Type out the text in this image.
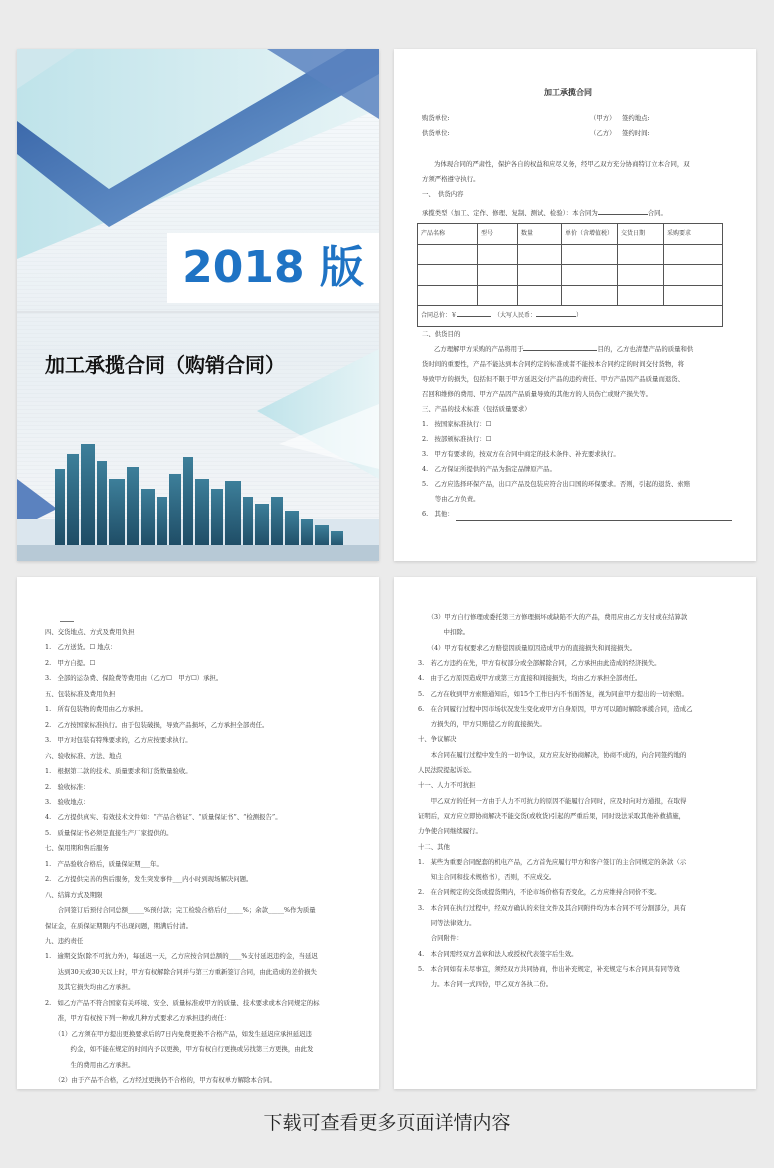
2018 版
加工承揽合同（购销合同）
加工承揽合同
购货单位:	（甲方） 签约地点:
供货单位:	（乙方） 签约时间:
为体现合同的严肃性，保护各自的权益和应尽义务，经甲乙双方充分协商特订立本合同，双
方须严格遵守执行。
一、　供货内容
承揽类型（加工、定作、修理、复制、测试、检验）：本合同为	合同。
产品名称	型号	数量	单价（含增值税）	交货日期	采购要求

合同总价：￥　 （大写人民币： ）					
二、供货目的
乙方理解甲方采购的产品将用于	目的，乙方也清楚产品的质量和供
货时间的重要性，产品不能达到本合同约定的标准或者不能按本合同约定的时间交付货物，将
导致甲方的损失，包括但不限于甲方延迟交付产品的违约责任、甲方产品因产品质量而退货、
召回和维修的费用、甲方产品因产品质量导致的其他方的人员伤亡或财产损失等。
三、产品的技术标准（包括质量要求）
1.　按国家标准执行：☐
2.　按部颁标准执行：☐
3.　甲方有要求的，按双方在合同中商定的技术条件、补充要求执行。
4.　乙方保证所提供的产品为指定品牌原产品。
5.　乙方应选择环保产品，出口产品及包装应符合出口国的环保要求。否则，引起的退货、索赔
　　等由乙方负责。
6.　其他：
四、交货地点、方式及费用负担
1.　乙方送货。☐ 地点：
2.　甲方自提。☐
3.　全部的运杂费、保险费等费用由（乙方☐　甲方☐）承担。
五、包装标准及费用负担
1.　所有包装物的费用由乙方承担。
2.　乙方按国家标准执行。由于包装破损，导致产品损坏，乙方承担全部责任。
3.　甲方对包装有特殊要求的，乙方应按要求执行。
六、验收标准、方法、地点
1.　根据第二款的技术、质量要求和订货数量验收。
2.　验收标准：
3.　验收地点：
4.　乙方提供真实、有效技术文件如：“产品合格证”、“质量保证书”、“检测报告”。
5.　质量保证书必须是直接生产厂家提供的。
七、保用期和售后服务
1.　产品验收合格后，质量保证期___年。
2.　乙方提供完善的售后服务，发生突发事件___内小时到现场解决问题。
八、结算方式及期限
　　合同签订后预付合同总额_____%预付款；完工检验合格后付_____%；余款_____%作为质量
保证金，在质保证期限内不出现问题，期满后付清。
九、违约责任
1.　逾期交货(除不可抗力外)，每延迟一天，乙方应按合同总额的____%支付延迟违约金，当延迟
　　达到30天或30天以上时，甲方有权解除合同并与第三方重新签订合同，由此造成的差价损失
　　及其它损失均由乙方承担。
2.　如乙方产品不符合国家有关环境、安全、质量标准或甲方的质量、技术要求或本合同规定的标
　　准，甲方有权按下列一种或几种方式要求乙方承担违约责任：
　　（1）乙方须在甲方提出更换要求后的7日内免费更换不合格产品，如发生延迟应承担延迟违
　　　　约金，如不能在规定的时间内予以更换，甲方有权自行更换或另找第三方更换，由此发
　　　　生的费用由乙方承担。
　　（2）由于产品不合格，乙方经过更换仍不合格的，甲方有权单方解除本合同。
　　（3）甲方自行修理或委托第三方修理损坏或缺陷不大的产品，费用应由乙方支付或在结算款
　　　　中扣除。
　　（4）甲方有权要求乙方赔偿因质量原因造成甲方的直接损失和间接损失。
3.　若乙方违约在先，甲方有权部分或全部解除合同，乙方承担由此造成的经济损失。
4.　由于乙方原因造成甲方或第三方直接和间接损失，均由乙方承担全部责任。
5.　乙方在收到甲方索赔通知后，如15个工作日内不书面答复，视为同意甲方提出的一切索赔。
6.　在合同履行过程中因市场状况发生变化或甲方自身原因，甲方可以随时解除承揽合同，造成乙
　　方损失的，甲方只赔偿乙方的直接损失。
十、争议解决
　　本合同在履行过程中发生的一切争议，双方应友好协商解决，协商不成的，向合同签约地的
人民法院提起诉讼。
十一、人力不可抗拒
　　甲乙双方的任何一方由于人力不可抗力的原因不能履行合同时，应及时向对方通报，在取得
证明后，双方应立即协商解决不能交货(或收货)引起的严重后果，同时设法采取其他补救措施，
力争使合同继续履行。
十二、其他
1.　某些为重要合同配套的机电产品，乙方首先应履行甲方和客户签订的主合同规定的条款（示
　　知主合同和技术规格书），否则，不应成交。
2.　在合同规定的交货或提货期内，不论市场价格有否变化，乙方应维持合同价不变。
3.　本合同在执行过程中，经双方确认的来往文件及其合同附件均为本合同不可分割部分，具有
　　同等法律效力。
　　合同附件：
4.　本合同需经双方盖章和法人或授权代表签字后生效。
5.　本合同如有未尽事宜，须经双方共同协商，作出补充规定，补充规定与本合同具有同等效
　　力。本合同一式四份，甲乙双方各执二份。
下载可查看更多页面详情内容
